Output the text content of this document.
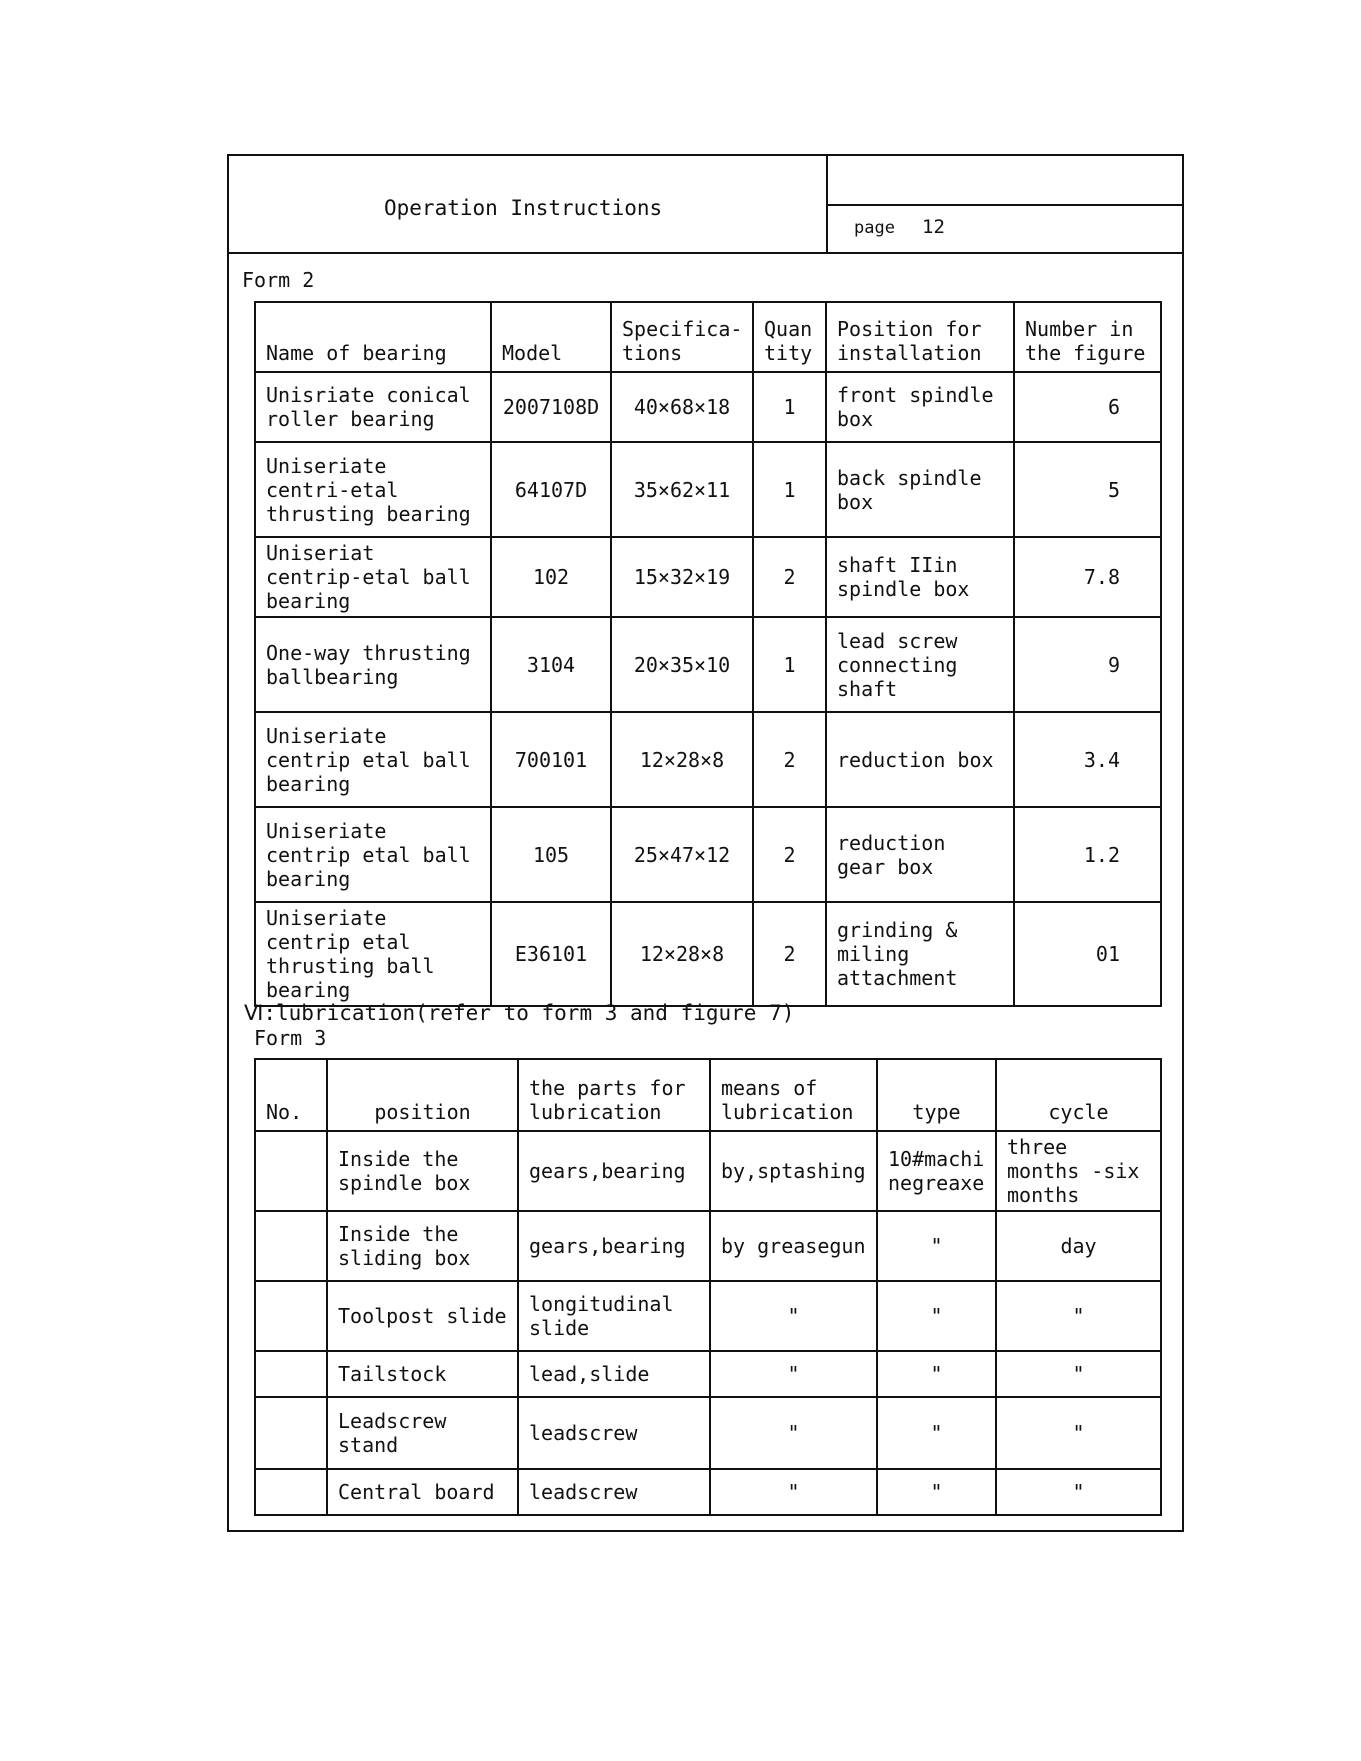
Operation Instructions
page 12
Form 2
Name of bearing	Model	Specifica-tions	Quan tity	Position for installation	Number in the figure
Unisriate conical roller bearing	2007108D	40×68×18	1	front spindle box	6
Uniseriate centri-etal thrusting bearing	64107D	35×62×11	1	back spindle box	5
Uniseriat centrip-etal ball bearing	102	15×32×19	2	shaft IIin spindle box	7.8
One-way thrusting ballbearing	3104	20×35×10	1	lead screw connecting shaft	9
Uniseriate centrip etal ball bearing	700101	12×28×8	2	reduction box	3.4
Uniseriate centrip etal ball bearing	105	25×47×12	2	reduction gear box	1.2
Uniseriate centrip etal thrusting ball bearing	E36101	12×28×8	2	grinding & miling attachment	01
Ⅵ:lubrication(refer to form 3 and figure 7)
Form 3
No.	position	the parts for lubrication	means of lubrication	type	cycle
	Inside the spindle box	gears,bearing	by,sptashing	10#machi negreaxe	three months -six months
	Inside the sliding box	gears,bearing	by greasegun	"	day
	Toolpost slide	longitudinal slide	"	"	"
	Tailstock	lead,slide	"	"	"
	Leadscrew stand	leadscrew	"	"	"
	Central board	leadscrew	"	"	"
